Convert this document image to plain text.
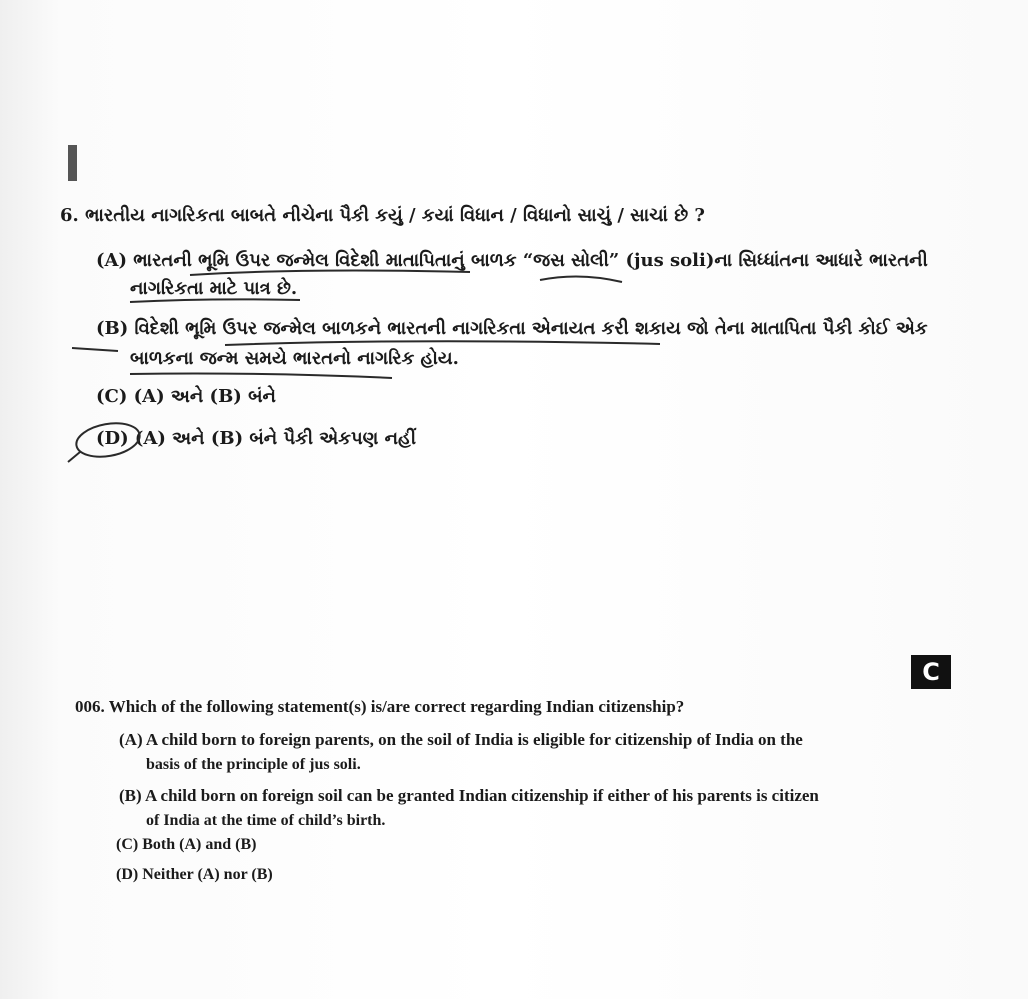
6. ભારતીય નાગરિકતા બાબતે નીચેના પૈકી કયું / કયાં વિધાન / વિધાનો સાચું / સાચાં છે ?
(A) ભારતની ભૂમિ ઉપર જન્મેલ વિદેશી માતાપિતાનું બાળક “જસ સોલી” (jus soli)ના સિધ્ધાંતના આધારે ભારતની
નાગરિકતા માટે પાત્ર છે.
(B) વિદેશી ભૂમિ ઉપર જન્મેલ બાળકને ભારતની નાગરિકતા એનાયત કરી શકાય જો તેના માતાપિતા પૈકી કોઈ એક
બાળકના જન્મ સમયે ભારતનો નાગરિક હોય.
(C) (A) અને (B) બંને
(D) (A) અને (B) બંને પૈકી એકપણ નહીં
C
006. Which of the following statement(s) is/are correct regarding Indian citizenship?
(A) A child born to foreign parents, on the soil of India is eligible for citizenship of India on the
basis of the principle of jus soli.
(B) A child born on foreign soil can be granted Indian citizenship if either of his parents is citizen
of India at the time of child’s birth.
(C) Both (A) and (B)
(D) Neither (A) nor (B)
